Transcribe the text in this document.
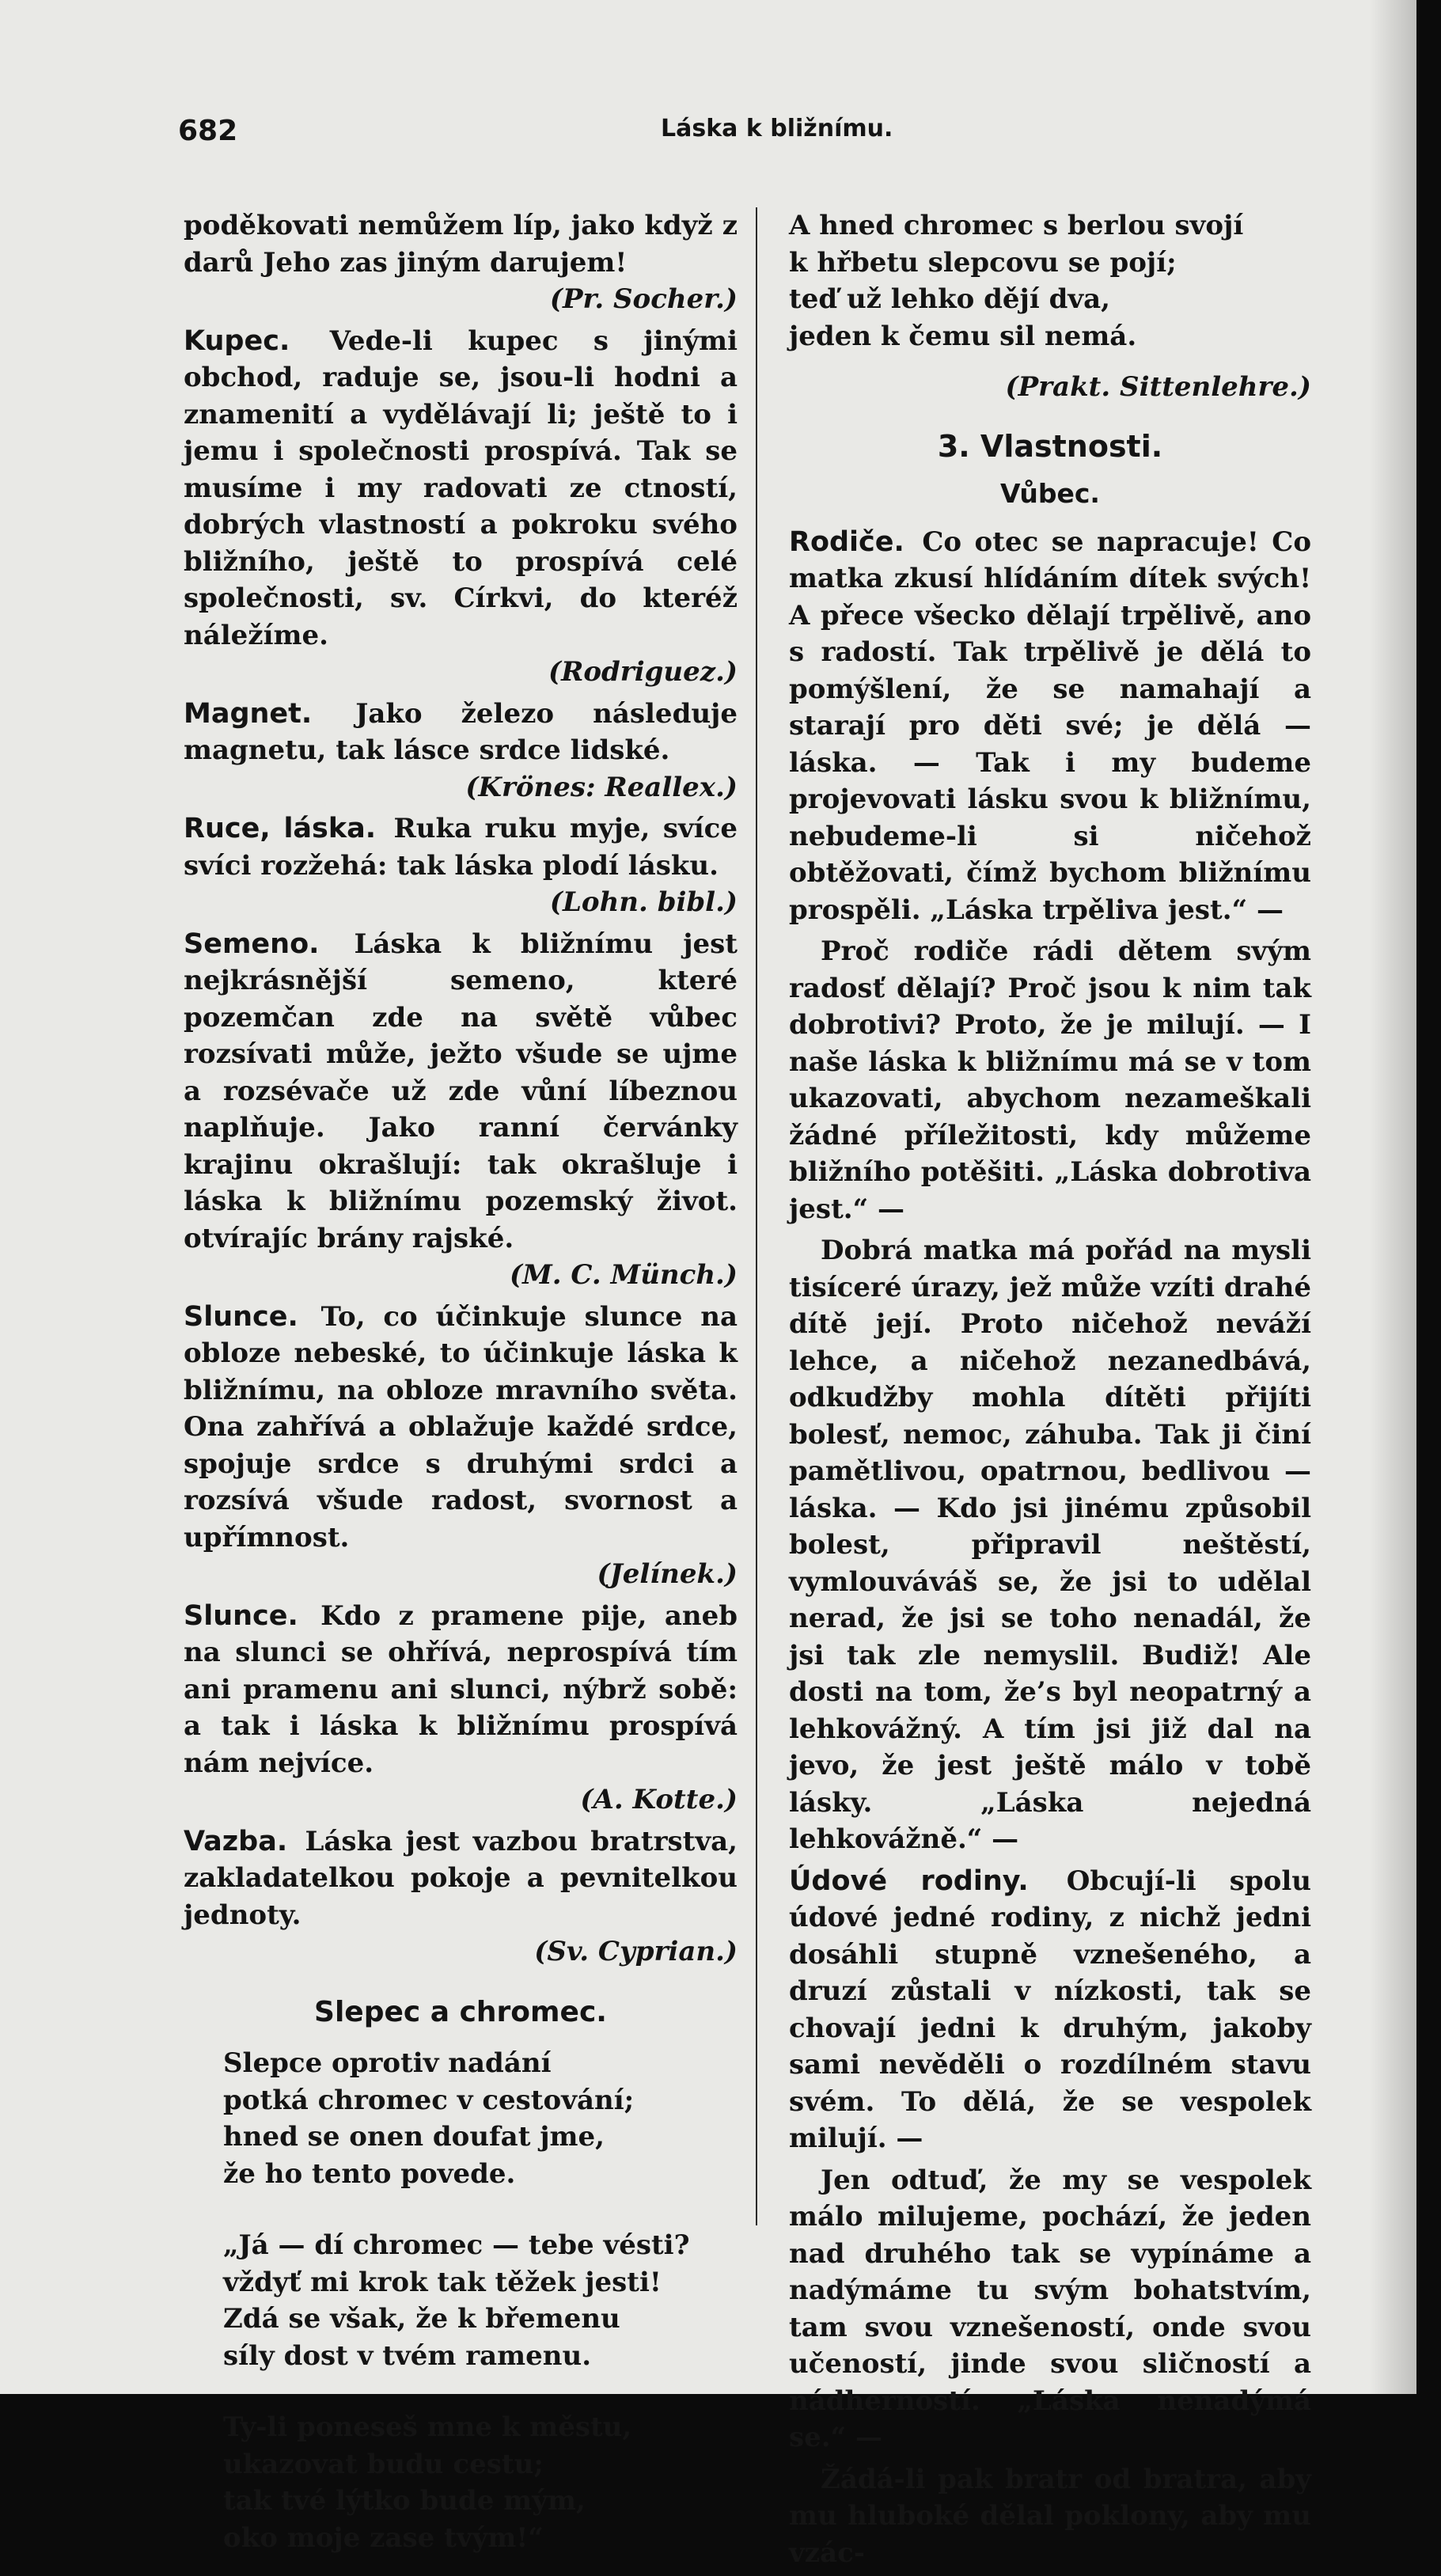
682	Láska k bližnímu.

poděkovati nemůžem líp, jako když z darů Jeho zas jiným darujem!
(Pr. Socher.)

Kupec. Vede-li kupec s jinými obchod, raduje se, jsou-li hodni a znamenití a vydělávají li; ještě to i jemu i společnosti prospívá. Tak se musíme i my radovati ze ctností, dobrých vlastností a pokroku svého bližního, ještě to prospívá celé společnosti, sv. Církvi, do kteréž náležíme.
(Rodriguez.)

Magnet. Jako železo následuje magnetu, tak lásce srdce lidské.
(Krönes: Reallex.)

Ruce, láska. Ruka ruku myje, svíce svíci rozžehá: tak láska plodí lásku.
(Lohn. bibl.)

Semeno. Láska k bližnímu jest nejkrásnější semeno, které pozemčan zde na světě vůbec rozsívati může, ježto všude se ujme a rozsévače už zde vůní líbeznou naplňuje. Jako ranní červánky krajinu okrašlují: tak okrašluje i láska k bližnímu pozemský život. otvírajíc brány rajské.
(M. C. Münch.)

Slunce. To, co účinkuje slunce na obloze nebeské, to účinkuje láska k bližnímu, na obloze mravního světa. Ona zahřívá a oblažuje každé srdce, spojuje srdce s druhými srdci a rozsívá všude radost, svornost a upřímnost.
(Jelínek.)

Slunce. Kdo z pramene pije, aneb na slunci se ohřívá, neprospívá tím ani pramenu ani slunci, nýbrž sobě: a tak i láska k bližnímu prospívá nám nejvíce.
(A. Kotte.)

Vazba. Láska jest vazbou bratrstva, zakladatelkou pokoje a pevnitelkou jednoty.
(Sv. Cyprian.)

Slepec a chromec.
Slepce oprotiv nadání
potká chromec v cestování;
hned se onen doufat jme,
že ho tento povede.
„Já — dí chromec — tebe vésti?
vždyť mi krok tak těžek jesti!
Zdá se však, že k břemenu
síly dost v tvém ramenu.
Ty-li poneseš mne k městu,
ukazovat budu cestu;
tak tvé lýtko bude mým,
oko moje zase tvým!“
A hned chromec s berlou svojí
k hřbetu slepcovu se pojí;
teď už lehko dějí dva,
jeden k čemu sil nemá.
(Prakt. Sittenlehre.)
3. Vlastnosti.
Vůbec.

Rodiče. Co otec se napracuje! Co matka zkusí hlídáním dítek svých! A přece všecko dělají trpělivě, ano s radostí. Tak trpělivě je dělá to pomýšlení, že se namahají a starají pro děti své; je dělá — láska. — Tak i my budeme projevovati lásku svou k bližnímu, nebudeme-li si ničehož obtěžovati, čímž bychom bližnímu prospěli. „Láska trpěliva jest.“ —

Proč rodiče rádi dětem svým radosť dělají? Proč jsou k nim tak dobrotivi? Proto, že je milují. — I naše láska k bližnímu má se v tom ukazovati, abychom nezameškali žádné příležitosti, kdy můžeme bližního potěšiti. „Láska dobrotiva jest.“ —

Dobrá matka má pořád na mysli tisíceré úrazy, jež může vzíti drahé dítě její. Proto ničehož neváží lehce, a ničehož nezanedbává, odkudžby mohla dítěti přijíti bolesť, nemoc, záhuba. Tak ji činí pamětlivou, opatrnou, bedlivou — láska. — Kdo jsi jinému způsobil bolest, připravil neštěstí, vymlouváváš se, že jsi to udělal nerad, že jsi se toho nenadál, že jsi tak zle nemyslil. Budiž! Ale dosti na tom, že’s byl neopatrný a lehkovážný. A tím jsi již dal na jevo, že jest ještě málo v tobě lásky. „Láska nejedná lehkovážně.“ —

Údové rodiny. Obcují-li spolu údové jedné rodiny, z nichž jedni dosáhli stupně vznešeného, a druzí zůstali v nízkosti, tak se chovají jedni k druhým, jakoby sami nevěděli o rozdílném stavu svém. To dělá, že se vespolek milují. —

Jen odtuď, že my se vespolek málo milujeme, pochází, že jeden nad druhého tak se vypínáme a nadýmáme tu svým bohatstvím, tam svou vznešeností, onde svou učeností, jinde svou sličností a nádherností. „Láska nenadýmá se.“ —

Žádá-li pak bratr od bratra, aby mu hluboké dělal poklony, aby mu vzác-
